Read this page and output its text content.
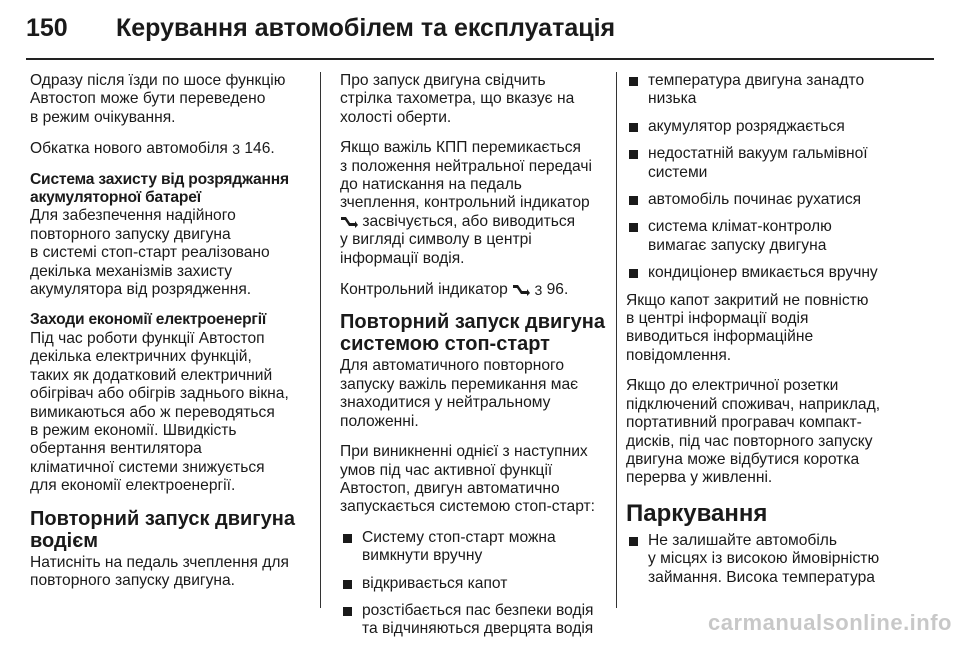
150 Керування автомобілем та експлуатація

Одразу після їзди по шосе функцію
Автостоп може бути переведено
в режим очікування.

Обкатка нового автомобіля 3 146.

Система захисту від розряджання
акумуляторної батареї

Для забезпечення надійного
повторного запуску двигуна
в системі стоп-старт реалізовано
декілька механізмів захисту
акумулятора від розрядження.

Заходи економії електроенергії

Під час роботи функції Автостоп
декілька електричних функцій,
таких як додатковий електричний
обігрівач або обігрів заднього вікна,
вимикаються або ж переводяться
в режим економії. Швидкість
обертання вентилятора
кліматичної системи знижується
для економії електроенергії.

Повторний запуск двигуна
водієм

Натисніть на педаль зчеплення для
повторного запуску двигуна.

Про запуск двигуна свідчить
стрілка тахометра, що вказує на
холості оберти.

Якщо важіль КПП перемикається
з положення нейтральної передачі
до натискання на педаль
зчеплення, контрольний індикатор
засвічується, або виводиться
у вигляді символу в центрі
інформації водія.

Контрольний індикатор 3 96.

Повторний запуск двигуна
системою стоп-старт

Для автоматичного повторного
запуску важіль перемикання має
знаходитися у нейтральному
положенні.

При виникненні однієї з наступних
умов під час активної функції
Автостоп, двигун автоматично
запускається системою стоп-старт:

Систему стоп-старт можна
вимкнути вручну
відкривається капот
розстібається пас безпеки водія
та відчиняються дверцята водія
температура двигуна занадто
низька
акумулятор розряджається
недостатній вакуум гальмівної
системи
автомобіль починає рухатися
система клімат-контролю
вимагає запуску двигуна
кондиціонер вмикається вручну

Якщо капот закритий не повністю
в центрі інформації водія
виводиться інформаційне
повідомлення.

Якщо до електричної розетки
підключений споживач, наприклад,
портативний програвач компакт-
дисків, під час повторного запуску
двигуна може відбутися коротка
перерва у живленні.

Паркування
Не залишайте автомобіль
у місцях із високою ймовірністю
займання. Висока температура
carmanualsonline.info
